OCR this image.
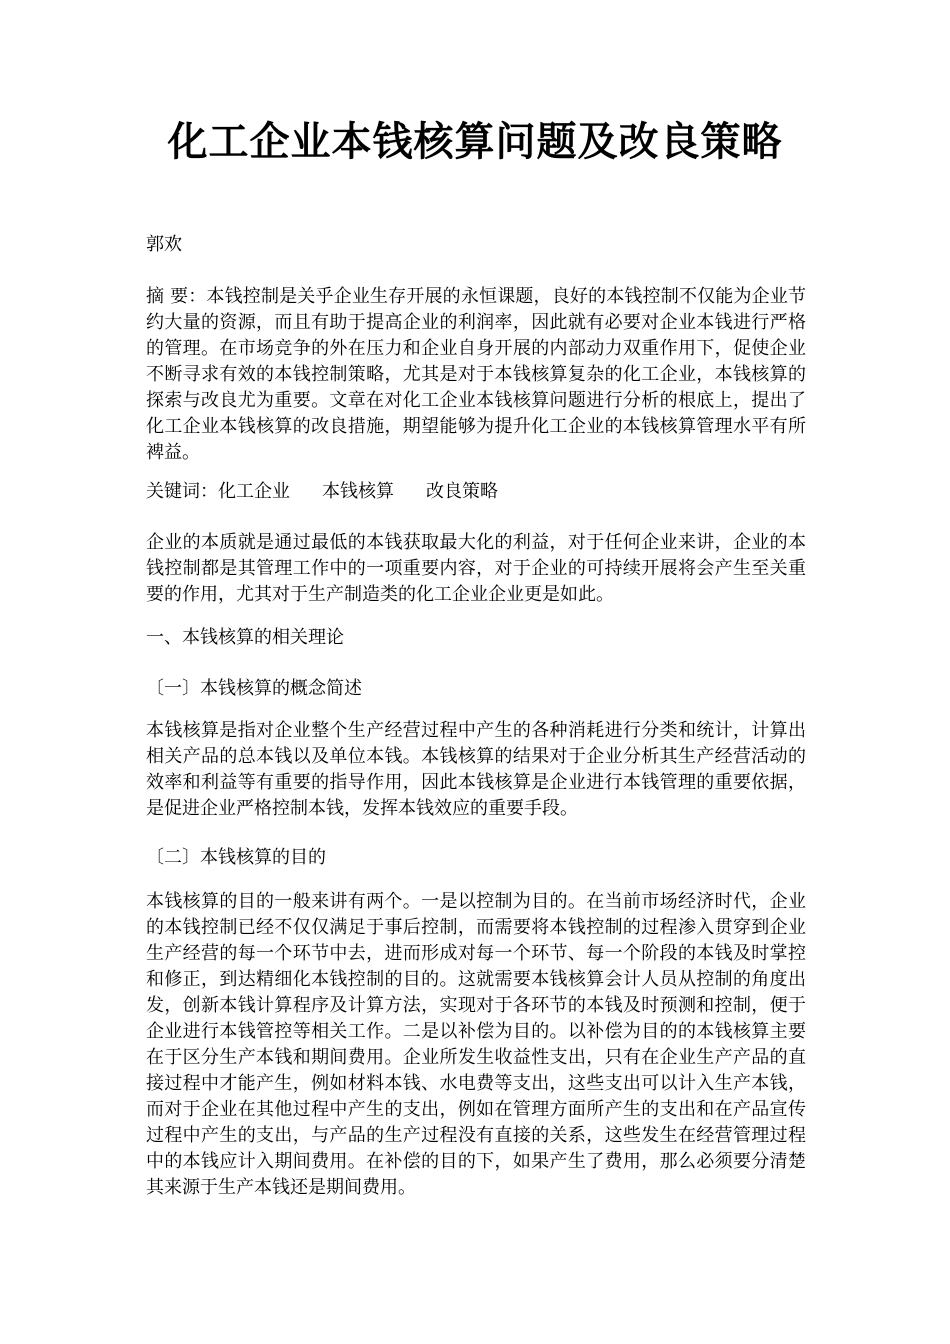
化工企业本钱核算问题及改良策略

郭欢

摘 要：本钱控制是关乎企业生存开展的永恒课题，良好的本钱控制不仅能为企业节约大量的资源，而且有助于提高企业的利润率，因此就有必要对企业本钱进行严格的管理。在市场竞争的外在压力和企业自身开展的内部动力双重作用下，促使企业不断寻求有效的本钱控制策略，尤其是对于本钱核算复杂的化工企业，本钱核算的探索与改良尤为重要。文章在对化工企业本钱核算问题进行分析的根底上，提出了化工企业本钱核算的改良措施，期望能够为提升化工企业的本钱核算管理水平有所裨益。

关键词：化工企业 本钱核算 改良策略

企业的本质就是通过最低的本钱获取最大化的利益，对于任何企业来讲，企业的本钱控制都是其管理工作中的一项重要内容，对于企业的可持续开展将会产生至关重要的作用，尤其对于生产制造类的化工企业企业更是如此。

一、本钱核算的相关理论

〔一〕本钱核算的概念简述

本钱核算是指对企业整个生产经营过程中产生的各种消耗进行分类和统计，计算出相关产品的总本钱以及单位本钱。本钱核算的结果对于企业分析其生产经营活动的效率和利益等有重要的指导作用，因此本钱核算是企业进行本钱管理的重要依据，是促进企业严格控制本钱，发挥本钱效应的重要手段。

〔二〕本钱核算的目的

本钱核算的目的一般来讲有两个。一是以控制为目的。在当前市场经济时代，企业的本钱控制已经不仅仅满足于事后控制，而需要将本钱控制的过程渗入贯穿到企业生产经营的每一个环节中去，进而形成对每一个环节、每一个阶段的本钱及时掌控和修正，到达精细化本钱控制的目的。这就需要本钱核算会计人员从控制的角度出发，创新本钱计算程序及计算方法，实现对于各环节的本钱及时预测和控制，便于企业进行本钱管控等相关工作。二是以补偿为目的。以补偿为目的的本钱核算主要在于区分生产本钱和期间费用。企业所发生收益性支出，只有在企业生产产品的直接过程中才能产生，例如材料本钱、水电费等支出，这些支出可以计入生产本钱，而对于企业在其他过程中产生的支出，例如在管理方面所产生的支出和在产品宣传过程中产生的支出，与产品的生产过程没有直接的关系，这些发生在经营管理过程中的本钱应计入期间费用。在补偿的目的下，如果产生了费用，那么必须要分清楚其来源于生产本钱还是期间费用。
